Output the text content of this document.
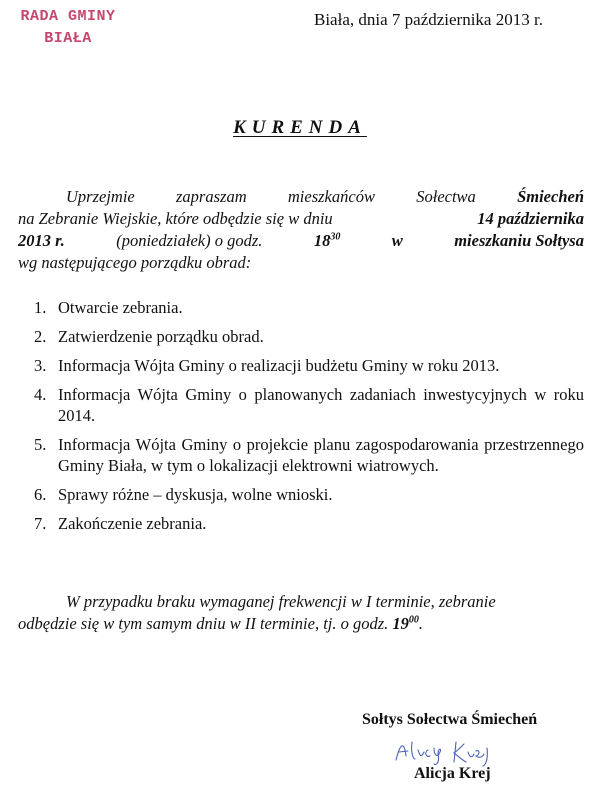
RADA GMINY
BIAŁA
Biała, dnia 7 października 2013 r.
KURENDA
Uprzejmie	zapraszam	mieszkańców	Sołectwa	Śmiecheń
na Zebranie Wiejskie, które odbędzie się w dniu	14 października
2013 r.	(poniedziałek) o godz.	$18^{30}$	w	mieszkaniu Sołtysa
wg następującego porządku obrad:
1. Otwarcie zebrania.
2. Zatwierdzenie porządku obrad.
3. Informacja Wójta Gminy o realizacji budżetu Gminy w roku 2013.
4. Informacja Wójta Gminy o planowanych zadaniach inwestycyjnych w roku 2014.
5. Informacja Wójta Gminy o projekcie planu zagospodarowania przestrzennego Gminy Biała, w tym o lokalizacji elektrowni wiatrowych.
6. Sprawy różne – dyskusja, wolne wnioski.
7. Zakończenie zebrania.
W przypadku braku wymaganej frekwencji w I terminie, zebranie
odbędzie się w tym samym dniu w II terminie, tj. o godz.
$19^{00}$ .
Sołtys Sołectwa Śmiecheń
Alicja Krej
